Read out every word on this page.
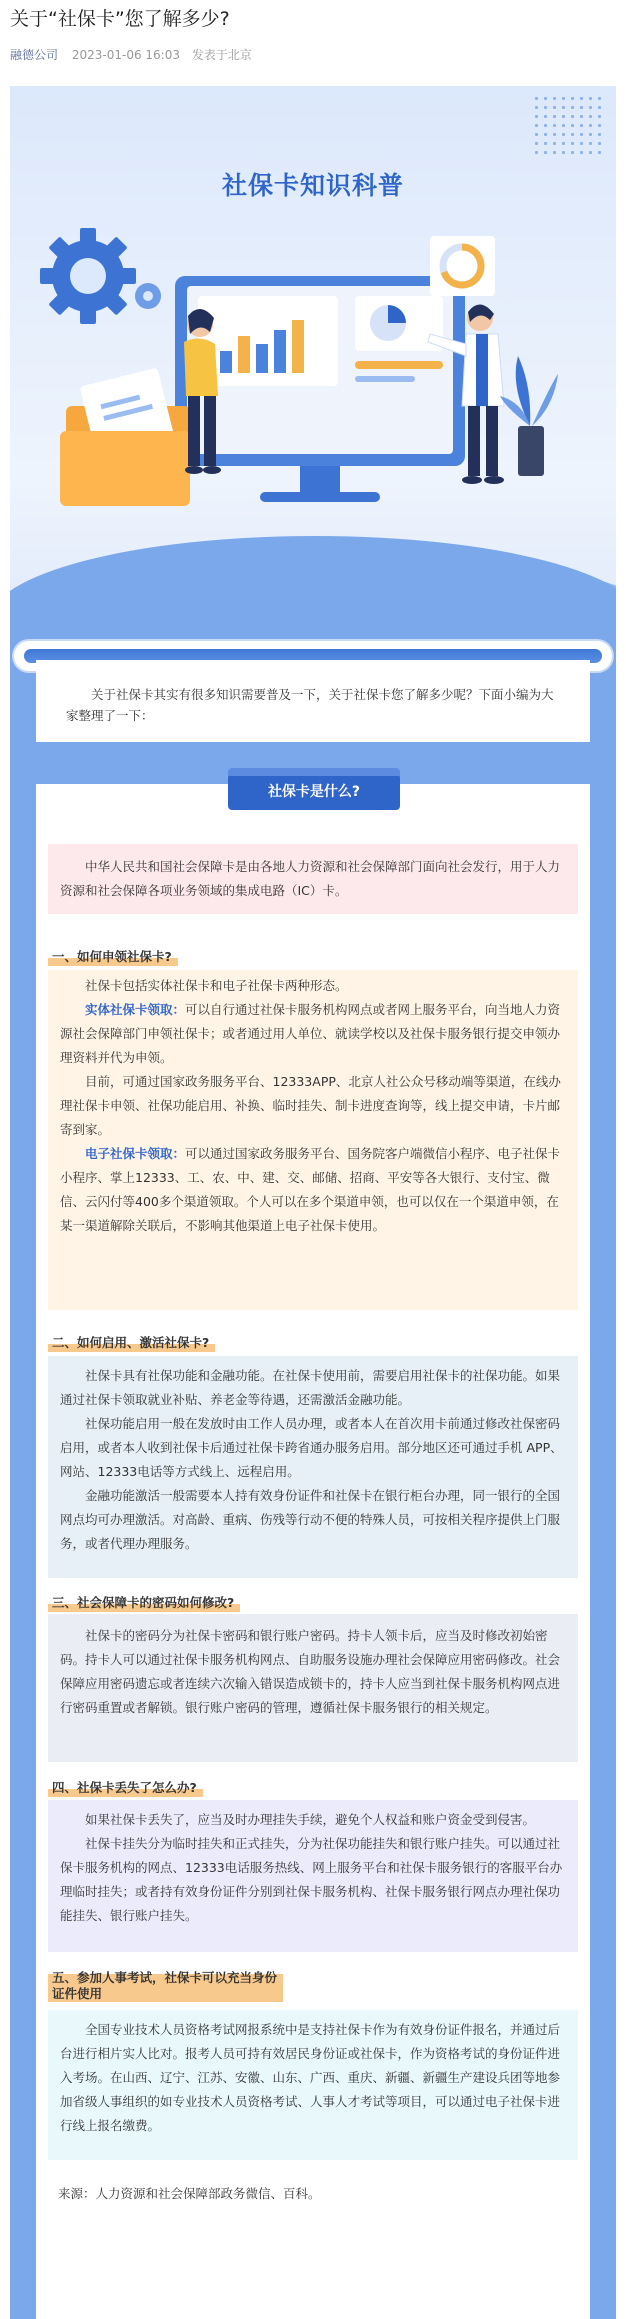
关于“社保卡”您了解多少?
融德公司 2023-01-06 16:03 发表于北京
社保卡知识科普
关于社保卡其实有很多知识需要普及一下，关于社保卡您了解多少呢？下面小编为大家整理了一下：
社保卡是什么?

中华人民共和国社会保障卡是由各地人力资源和社会保障部门面向社会发行，用于人力资源和社会保障各项业务领域的集成电路（IC）卡。

一、如何申领社保卡?

社保卡包括实体社保卡和电子社保卡两种形态。

实体社保卡领取：可以自行通过社保卡服务机构网点或者网上服务平台，向当地人力资源社会保障部门申领社保卡；或者通过用人单位、就读学校以及社保卡服务银行提交申领办理资料并代为申领。

目前，可通过国家政务服务平台、12333APP、北京人社公众号移动端等渠道，在线办理社保卡申领、社保功能启用、补换、临时挂失、制卡进度查询等，线上提交申请，卡片邮寄到家。

电子社保卡领取：可以通过国家政务服务平台、国务院客户端微信小程序、电子社保卡小程序、掌上12333、工、农、中、建、交、邮储、招商、平安等各大银行、支付宝、微信、云闪付等400多个渠道领取。个人可以在多个渠道申领，也可以仅在一个渠道申领，在某一渠道解除关联后，不影响其他渠道上电子社保卡使用。

二、如何启用、激活社保卡?

社保卡具有社保功能和金融功能。在社保卡使用前，需要启用社保卡的社保功能。如果通过社保卡领取就业补贴、养老金等待遇，还需激活金融功能。

社保功能启用一般在发放时由工作人员办理，或者本人在首次用卡前通过修改社保密码启用，或者本人收到社保卡后通过社保卡跨省通办服务启用。部分地区还可通过手机 APP、网站、12333电话等方式线上、远程启用。

金融功能激活一般需要本人持有效身份证件和社保卡在银行柜台办理，同一银行的全国网点均可办理激活。对高龄、重病、伤残等行动不便的特殊人员，可按相关程序提供上门服务，或者代理办理服务。

三、社会保障卡的密码如何修改?

社保卡的密码分为社保卡密码和银行账户密码。持卡人领卡后，应当及时修改初始密码。持卡人可以通过社保卡服务机构网点、自助服务设施办理社会保障应用密码修改。社会保障应用密码遗忘或者连续六次输入错误造成锁卡的，持卡人应当到社保卡服务机构网点进行密码重置或者解锁。银行账户密码的管理，遵循社保卡服务银行的相关规定。

四、社保卡丢失了怎么办?

如果社保卡丢失了，应当及时办理挂失手续，避免个人权益和账户资金受到侵害。

社保卡挂失分为临时挂失和正式挂失，分为社保功能挂失和银行账户挂失。可以通过社保卡服务机构的网点、12333电话服务热线、网上服务平台和社保卡服务银行的客服平台办理临时挂失；或者持有效身份证件分别到社保卡服务机构、社保卡服务银行网点办理社保功能挂失、银行账户挂失。

五、参加人事考试，社保卡可以充当身份
证件使用

全国专业技术人员资格考试网报系统中是支持社保卡作为有效身份证件报名，并通过后台进行相片实人比对。报考人员可持有效居民身份证或社保卡，作为资格考试的身份证件进入考场。在山西、辽宁、江苏、安徽、山东、广西、重庆、新疆、新疆生产建设兵团等地参加省级人事组织的如专业技术人员资格考试、人事人才考试等项目，可以通过电子社保卡进行线上报名缴费。

来源：人力资源和社会保障部政务微信、百科。
